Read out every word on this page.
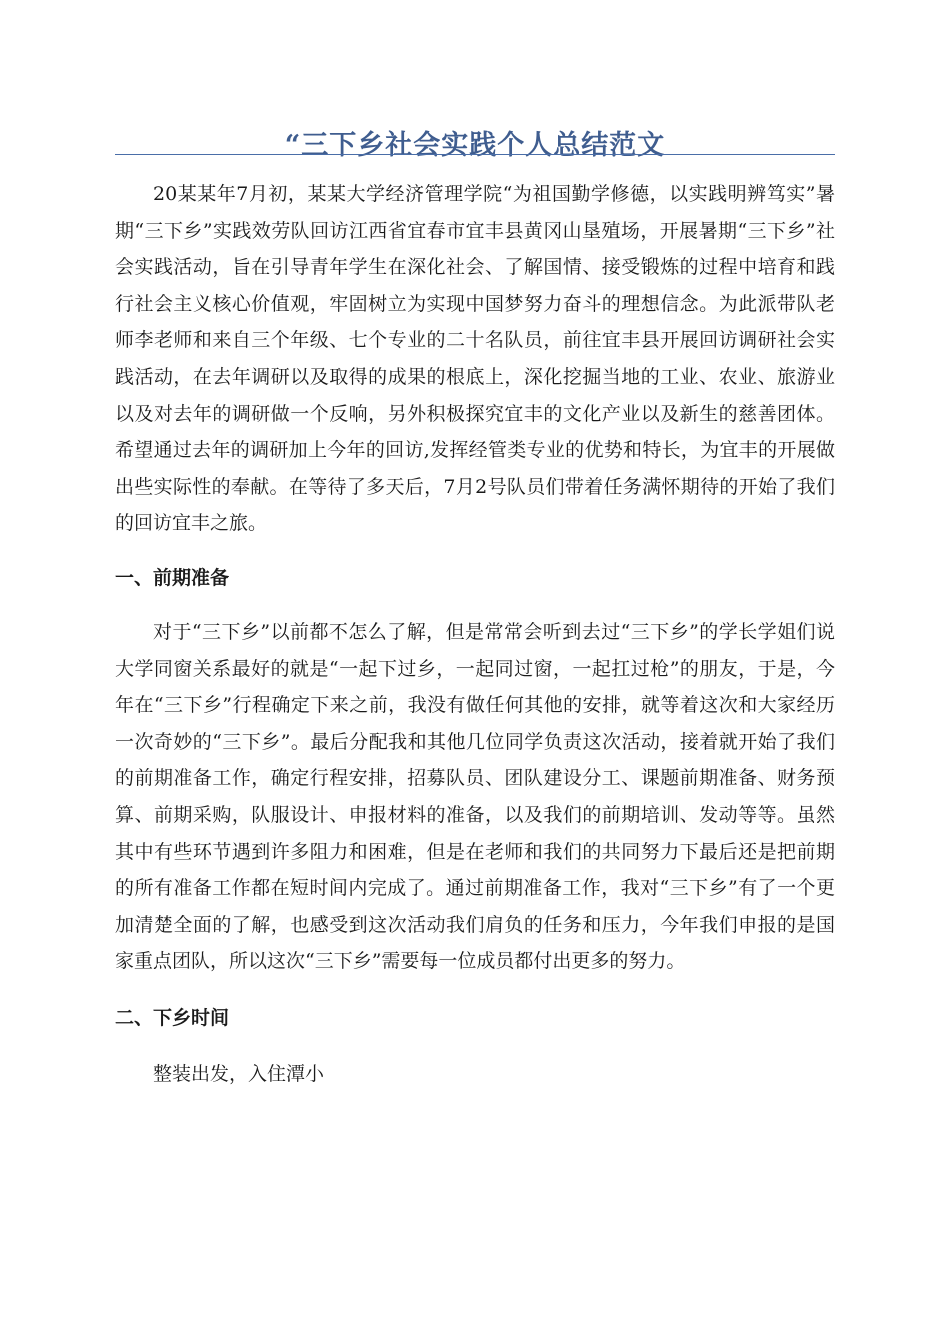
“三下乡社会实践个人总结范文

20某某年7月初，某某大学经济管理学院“为祖国勤学修德，以实践明辨笃实”暑期“三下乡”实践效劳队回访江西省宜春市宜丰县黄冈山垦殖场，开展暑期“三下乡”社会实践活动，旨在引导青年学生在深化社会、了解国情、接受锻炼的过程中培育和践行社会主义核心价值观，牢固树立为实现中国梦努力奋斗的理想信念。为此派带队老师李老师和来自三个年级、七个专业的二十名队员，前往宜丰县开展回访调研社会实践活动，在去年调研以及取得的成果的根底上，深化挖掘当地的工业、农业、旅游业以及对去年的调研做一个反响，另外积极探究宜丰的文化产业以及新生的慈善团体。希望通过去年的调研加上今年的回访,发挥经管类专业的优势和特长，为宜丰的开展做出些实际性的奉献。在等待了多天后，7月2号队员们带着任务满怀期待的开始了我们的回访宜丰之旅。

一、前期准备

对于“三下乡”以前都不怎么了解，但是常常会听到去过“三下乡”的学长学姐们说大学同窗关系最好的就是“一起下过乡，一起同过窗，一起扛过枪”的朋友，于是，今年在“三下乡”行程确定下来之前，我没有做任何其他的安排，就等着这次和大家经历一次奇妙的“三下乡”。最后分配我和其他几位同学负责这次活动，接着就开始了我们的前期准备工作，确定行程安排，招募队员、团队建设分工、课题前期准备、财务预算、前期采购，队服设计、申报材料的准备，以及我们的前期培训、发动等等。虽然其中有些环节遇到许多阻力和困难，但是在老师和我们的共同努力下最后还是把前期的所有准备工作都在短时间内完成了。通过前期准备工作，我对“三下乡”有了一个更加清楚全面的了解，也感受到这次活动我们肩负的任务和压力，今年我们申报的是国家重点团队，所以这次“三下乡”需要每一位成员都付出更多的努力。

二、下乡时间

整装出发，入住潭小
